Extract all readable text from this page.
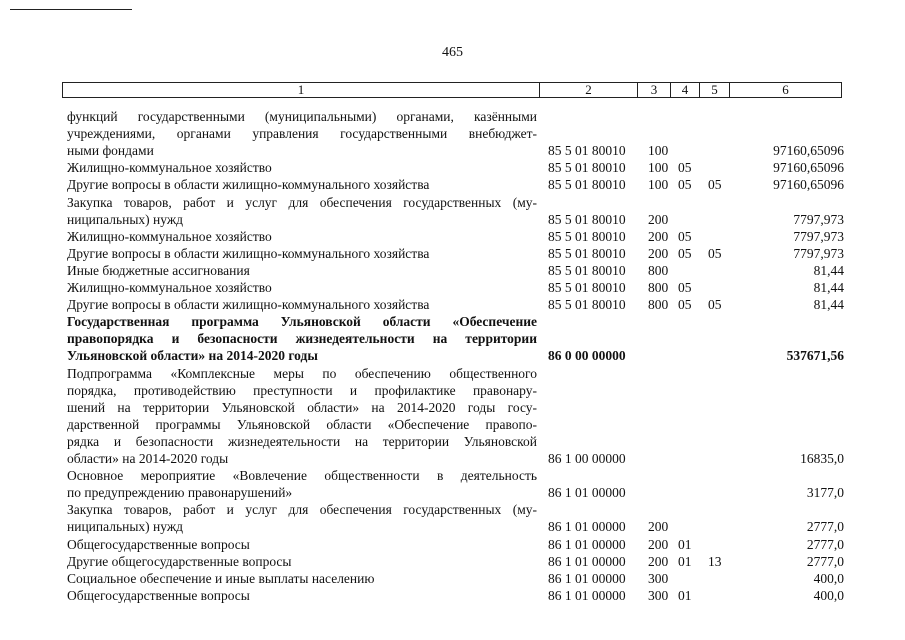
465
1	2	3	4	5	6
функций государственными (муниципальными) органами, казёнными
учреждениями, органами управления государственными внебюджет-
ными фондами	85 5 01 80010 100	97160,65096
Жилищно-коммунальное хозяйство	85 5 01 80010 100 05	97160,65096
Другие вопросы в области жилищно-коммунального хозяйства	85 5 01 80010 100 05 05	97160,65096
Закупка товаров, работ и услуг для обеспечения государственных (му-
ниципальных) нужд	85 5 01 80010 200	7797,973
Жилищно-коммунальное хозяйство	85 5 01 80010 200 05	7797,973
Другие вопросы в области жилищно-коммунального хозяйства	85 5 01 80010 200 05 05	7797,973
Иные бюджетные ассигнования	85 5 01 80010 800	81,44
Жилищно-коммунальное хозяйство	85 5 01 80010 800 05	81,44
Другие вопросы в области жилищно-коммунального хозяйства	85 5 01 80010 800 05 05	81,44
Государственная программа Ульяновской области «Обеспечение
правопорядка и безопасности жизнедеятельности на территории
Ульяновской области» на 2014-2020 годы	86 0 00 00000	537671,56
Подпрограмма «Комплексные меры по обеспечению общественного
порядка, противодействию преступности и профилактике правонару-
шений на территории Ульяновской области» на 2014-2020 годы госу-
дарственной программы Ульяновской области «Обеспечение правопо-
рядка и безопасности жизнедеятельности на территории Ульяновской
области» на 2014-2020 годы	86 1 00 00000	16835,0
Основное мероприятие «Вовлечение общественности в деятельность
по предупреждению правонарушений»	86 1 01 00000	3177,0
Закупка товаров, работ и услуг для обеспечения государственных (му-
ниципальных) нужд	86 1 01 00000 200	2777,0
Общегосударственные вопросы	86 1 01 00000 200 01	2777,0
Другие общегосударственные вопросы	86 1 01 00000 200 01 13	2777,0
Социальное обеспечение и иные выплаты населению	86 1 01 00000 300	400,0
Общегосударственные вопросы	86 1 01 00000 300 01	400,0
